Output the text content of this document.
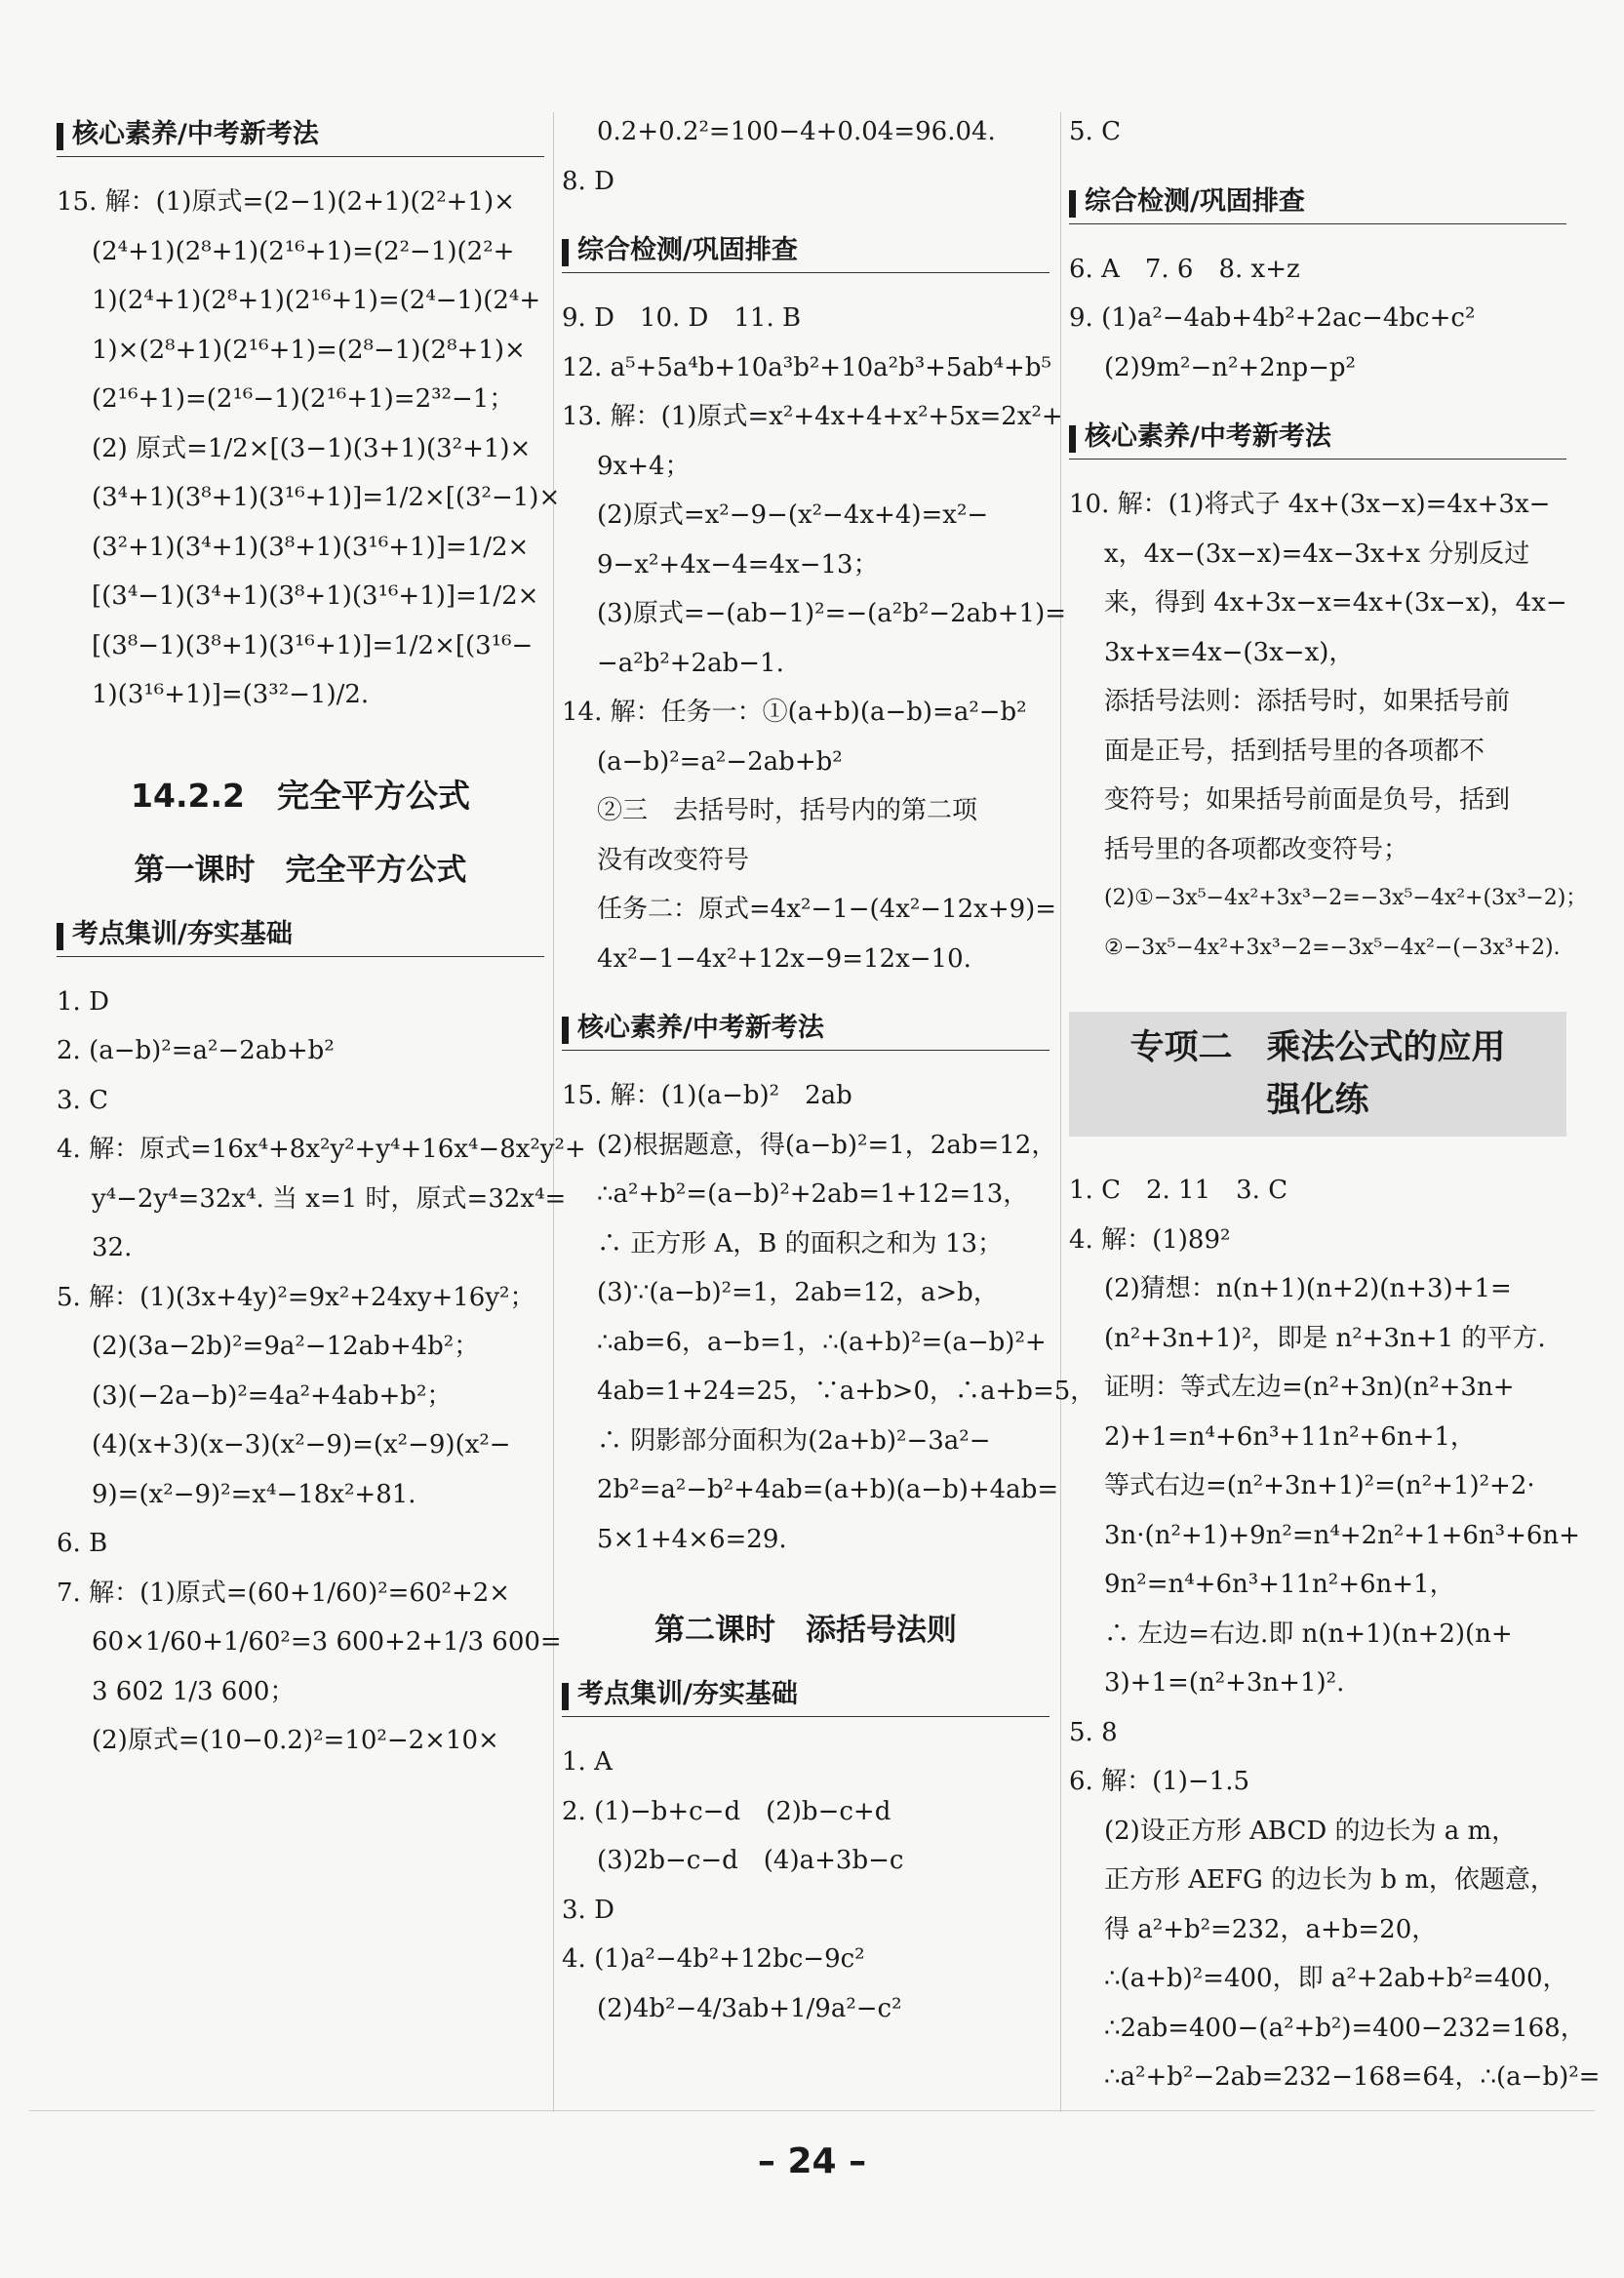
核心素养/中考新考法
15. 解：(1)原式=(2−1)(2+1)(2²+1)×
(2⁴+1)(2⁸+1)(2¹⁶+1)=(2²−1)(2²+
1)(2⁴+1)(2⁸+1)(2¹⁶+1)=(2⁴−1)(2⁴+
1)×(2⁸+1)(2¹⁶+1)=(2⁸−1)(2⁸+1)×
(2¹⁶+1)=(2¹⁶−1)(2¹⁶+1)=2³²−1；
(2) 原式=1/2×[(3−1)(3+1)(3²+1)×
(3⁴+1)(3⁸+1)(3¹⁶+1)]=1/2×[(3²−1)×
(3²+1)(3⁴+1)(3⁸+1)(3¹⁶+1)]=1/2×
[(3⁴−1)(3⁴+1)(3⁸+1)(3¹⁶+1)]=1/2×
[(3⁸−1)(3⁸+1)(3¹⁶+1)]=1/2×[(3¹⁶−
1)(3¹⁶+1)]=(3³²−1)/2.
14.2.2　完全平方公式
第一课时　完全平方公式
考点集训/夯实基础
1. D
2. (a−b)²=a²−2ab+b²
3. C
4. 解：原式=16x⁴+8x²y²+y⁴+16x⁴−8x²y²+
y⁴−2y⁴=32x⁴. 当 x=1 时，原式=32x⁴=
32.
5. 解：(1)(3x+4y)²=9x²+24xy+16y²；
(2)(3a−2b)²=9a²−12ab+4b²；
(3)(−2a−b)²=4a²+4ab+b²；
(4)(x+3)(x−3)(x²−9)=(x²−9)(x²−
9)=(x²−9)²=x⁴−18x²+81.
6. B
7. 解：(1)原式=(60+1/60)²=60²+2×
60×1/60+1/60²=3 600+2+1/3 600=
3 602 1/3 600；
(2)原式=(10−0.2)²=10²−2×10×
0.2+0.2²=100−4+0.04=96.04.
8. D
综合检测/巩固排查
9. D　10. D　11. B
12. a⁵+5a⁴b+10a³b²+10a²b³+5ab⁴+b⁵
13. 解：(1)原式=x²+4x+4+x²+5x=2x²+
9x+4；
(2)原式=x²−9−(x²−4x+4)=x²−
9−x²+4x−4=4x−13；
(3)原式=−(ab−1)²=−(a²b²−2ab+1)=
−a²b²+2ab−1.
14. 解：任务一：①(a+b)(a−b)=a²−b²
(a−b)²=a²−2ab+b²
②三　去括号时，括号内的第二项
没有改变符号
任务二：原式=4x²−1−(4x²−12x+9)=
4x²−1−4x²+12x−9=12x−10.
核心素养/中考新考法
15. 解：(1)(a−b)²　2ab
(2)根据题意，得(a−b)²=1，2ab=12，
∴a²+b²=(a−b)²+2ab=1+12=13，
∴ 正方形 A，B 的面积之和为 13；
(3)∵(a−b)²=1，2ab=12，a>b，
∴ab=6，a−b=1，∴(a+b)²=(a−b)²+
4ab=1+24=25，∵a+b>0，∴a+b=5，
∴ 阴影部分面积为(2a+b)²−3a²−
2b²=a²−b²+4ab=(a+b)(a−b)+4ab=
5×1+4×6=29.
第二课时　添括号法则
考点集训/夯实基础
1. A
2. (1)−b+c−d　(2)b−c+d
(3)2b−c−d　(4)a+3b−c
3. D
4. (1)a²−4b²+12bc−9c²
(2)4b²−4/3ab+1/9a²−c²
5. C
综合检测/巩固排查
6. A　7. 6　8. x+z
9. (1)a²−4ab+4b²+2ac−4bc+c²
(2)9m²−n²+2np−p²
核心素养/中考新考法
10. 解：(1)将式子 4x+(3x−x)=4x+3x−
x，4x−(3x−x)=4x−3x+x 分别反过
来，得到 4x+3x−x=4x+(3x−x)，4x−
3x+x=4x−(3x−x)，
添括号法则：添括号时，如果括号前
面是正号，括到括号里的各项都不
变符号；如果括号前面是负号，括到
括号里的各项都改变符号；
(2)①−3x⁵−4x²+3x³−2=−3x⁵−4x²+(3x³−2)；
②−3x⁵−4x²+3x³−2=−3x⁵−4x²−(−3x³+2).
专项二　乘法公式的应用
强化练
1. C　2. 11　3. C
4. 解：(1)89²
(2)猜想：n(n+1)(n+2)(n+3)+1=
(n²+3n+1)²，即是 n²+3n+1 的平方.
证明：等式左边=(n²+3n)(n²+3n+
2)+1=n⁴+6n³+11n²+6n+1，
等式右边=(n²+3n+1)²=(n²+1)²+2·
3n·(n²+1)+9n²=n⁴+2n²+1+6n³+6n+
9n²=n⁴+6n³+11n²+6n+1，
∴ 左边=右边.即 n(n+1)(n+2)(n+
3)+1=(n²+3n+1)².
5. 8
6. 解：(1)−1.5
(2)设正方形 ABCD 的边长为 a m，
正方形 AEFG 的边长为 b m，依题意，
得 a²+b²=232，a+b=20，
∴(a+b)²=400，即 a²+2ab+b²=400，
∴2ab=400−(a²+b²)=400−232=168，
∴a²+b²−2ab=232−168=64，∴(a−b)²=
– 24 –
